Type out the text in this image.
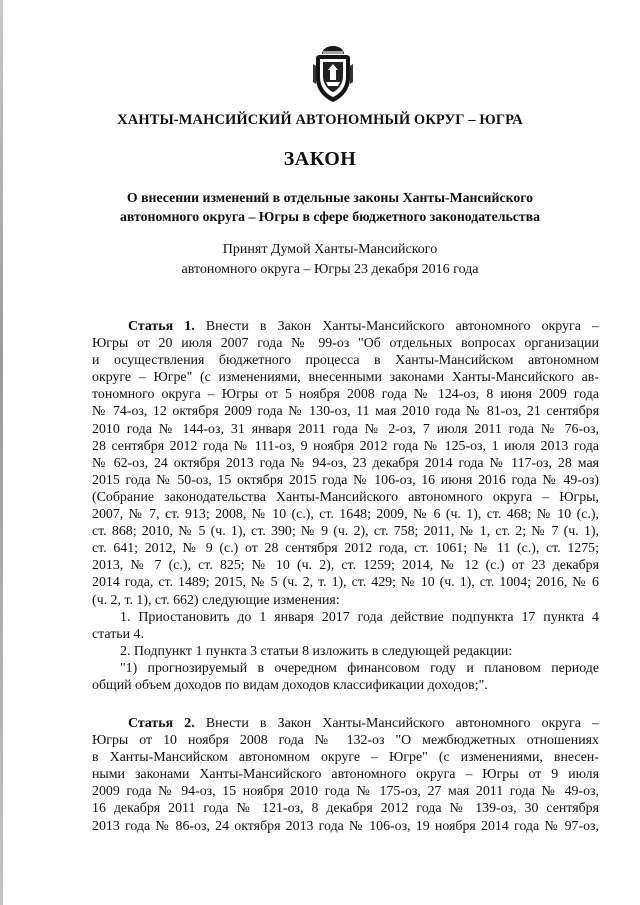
ХАНТЫ-МАНСИЙСКИЙ АВТОНОМНЫЙ ОКРУГ – ЮГРА
ЗАКОН
О внесении изменений в отдельные законы Ханты-Мансийского
автономного округа – Югры в сфере бюджетного законодательства
Принят Думой Ханты-Мансийского
автономного округа – Югры 23 декабря 2016 года
Статья 1. Внести в Закон Ханты-Мансийского автономного округа –
Югры от 20 июля 2007 года № 99-оз "Об отдельных вопросах организации
и осуществления бюджетного процесса в Ханты-Мансийском автономном
округе – Югре" (с изменениями, внесенными законами Ханты-Мансийского ав-
тономного округа – Югры от 5 ноября 2008 года № 124-оз, 8 июня 2009 года
№ 74-оз, 12 октября 2009 года № 130-оз, 11 мая 2010 года № 81-оз, 21 сентября
2010 года № 144-оз, 31 января 2011 года № 2-оз, 7 июля 2011 года № 76-оз,
28 сентября 2012 года № 111-оз, 9 ноября 2012 года № 125-оз, 1 июля 2013 года
№ 62-оз, 24 октября 2013 года № 94-оз, 23 декабря 2014 года № 117-оз, 28 мая
2015 года № 50-оз, 15 октября 2015 года № 106-оз, 16 июня 2016 года № 49-оз)
(Собрание законодательства Ханты-Мансийского автономного округа – Югры,
2007, № 7, ст. 913; 2008, № 10 (с.), ст. 1648; 2009, № 6 (ч. 1), ст. 468; № 10 (с.),
ст. 868; 2010, № 5 (ч. 1), ст. 390; № 9 (ч. 2), ст. 758; 2011, № 1, ст. 2; № 7 (ч. 1),
ст. 641; 2012, № 9 (с.) от 28 сентября 2012 года, ст. 1061; № 11 (с.), ст. 1275;
2013, № 7 (с.), ст. 825; № 10 (ч. 2), ст. 1259; 2014, № 12 (с.) от 23 декабря
2014 года, ст. 1489; 2015, № 5 (ч. 2, т. 1), ст. 429; № 10 (ч. 1), ст. 1004; 2016, № 6
(ч. 2, т. 1), ст. 662) следующие изменения:
1. Приостановить до 1 января 2017 года действие подпункта 17 пункта 4
статьи 4.
2. Подпункт 1 пункта 3 статьи 8 изложить в следующей редакции:
"1) прогнозируемый в очередном финансовом году и плановом периоде
общий объем доходов по видам доходов классификации доходов;".
Статья 2. Внести в Закон Ханты-Мансийского автономного округа –
Югры от 10 ноября 2008 года № 132-оз "О межбюджетных отношениях
в Ханты-Мансийском автономном округе – Югре" (с изменениями, внесен-
ными законами Ханты-Мансийского автономного округа – Югры от 9 июля
2009 года № 94-оз, 15 ноября 2010 года № 175-оз, 27 мая 2011 года № 49-оз,
16 декабря 2011 года № 121-оз, 8 декабря 2012 года № 139-оз, 30 сентября
2013 года № 86-оз, 24 октября 2013 года № 106-оз, 19 ноября 2014 года № 97-оз,
